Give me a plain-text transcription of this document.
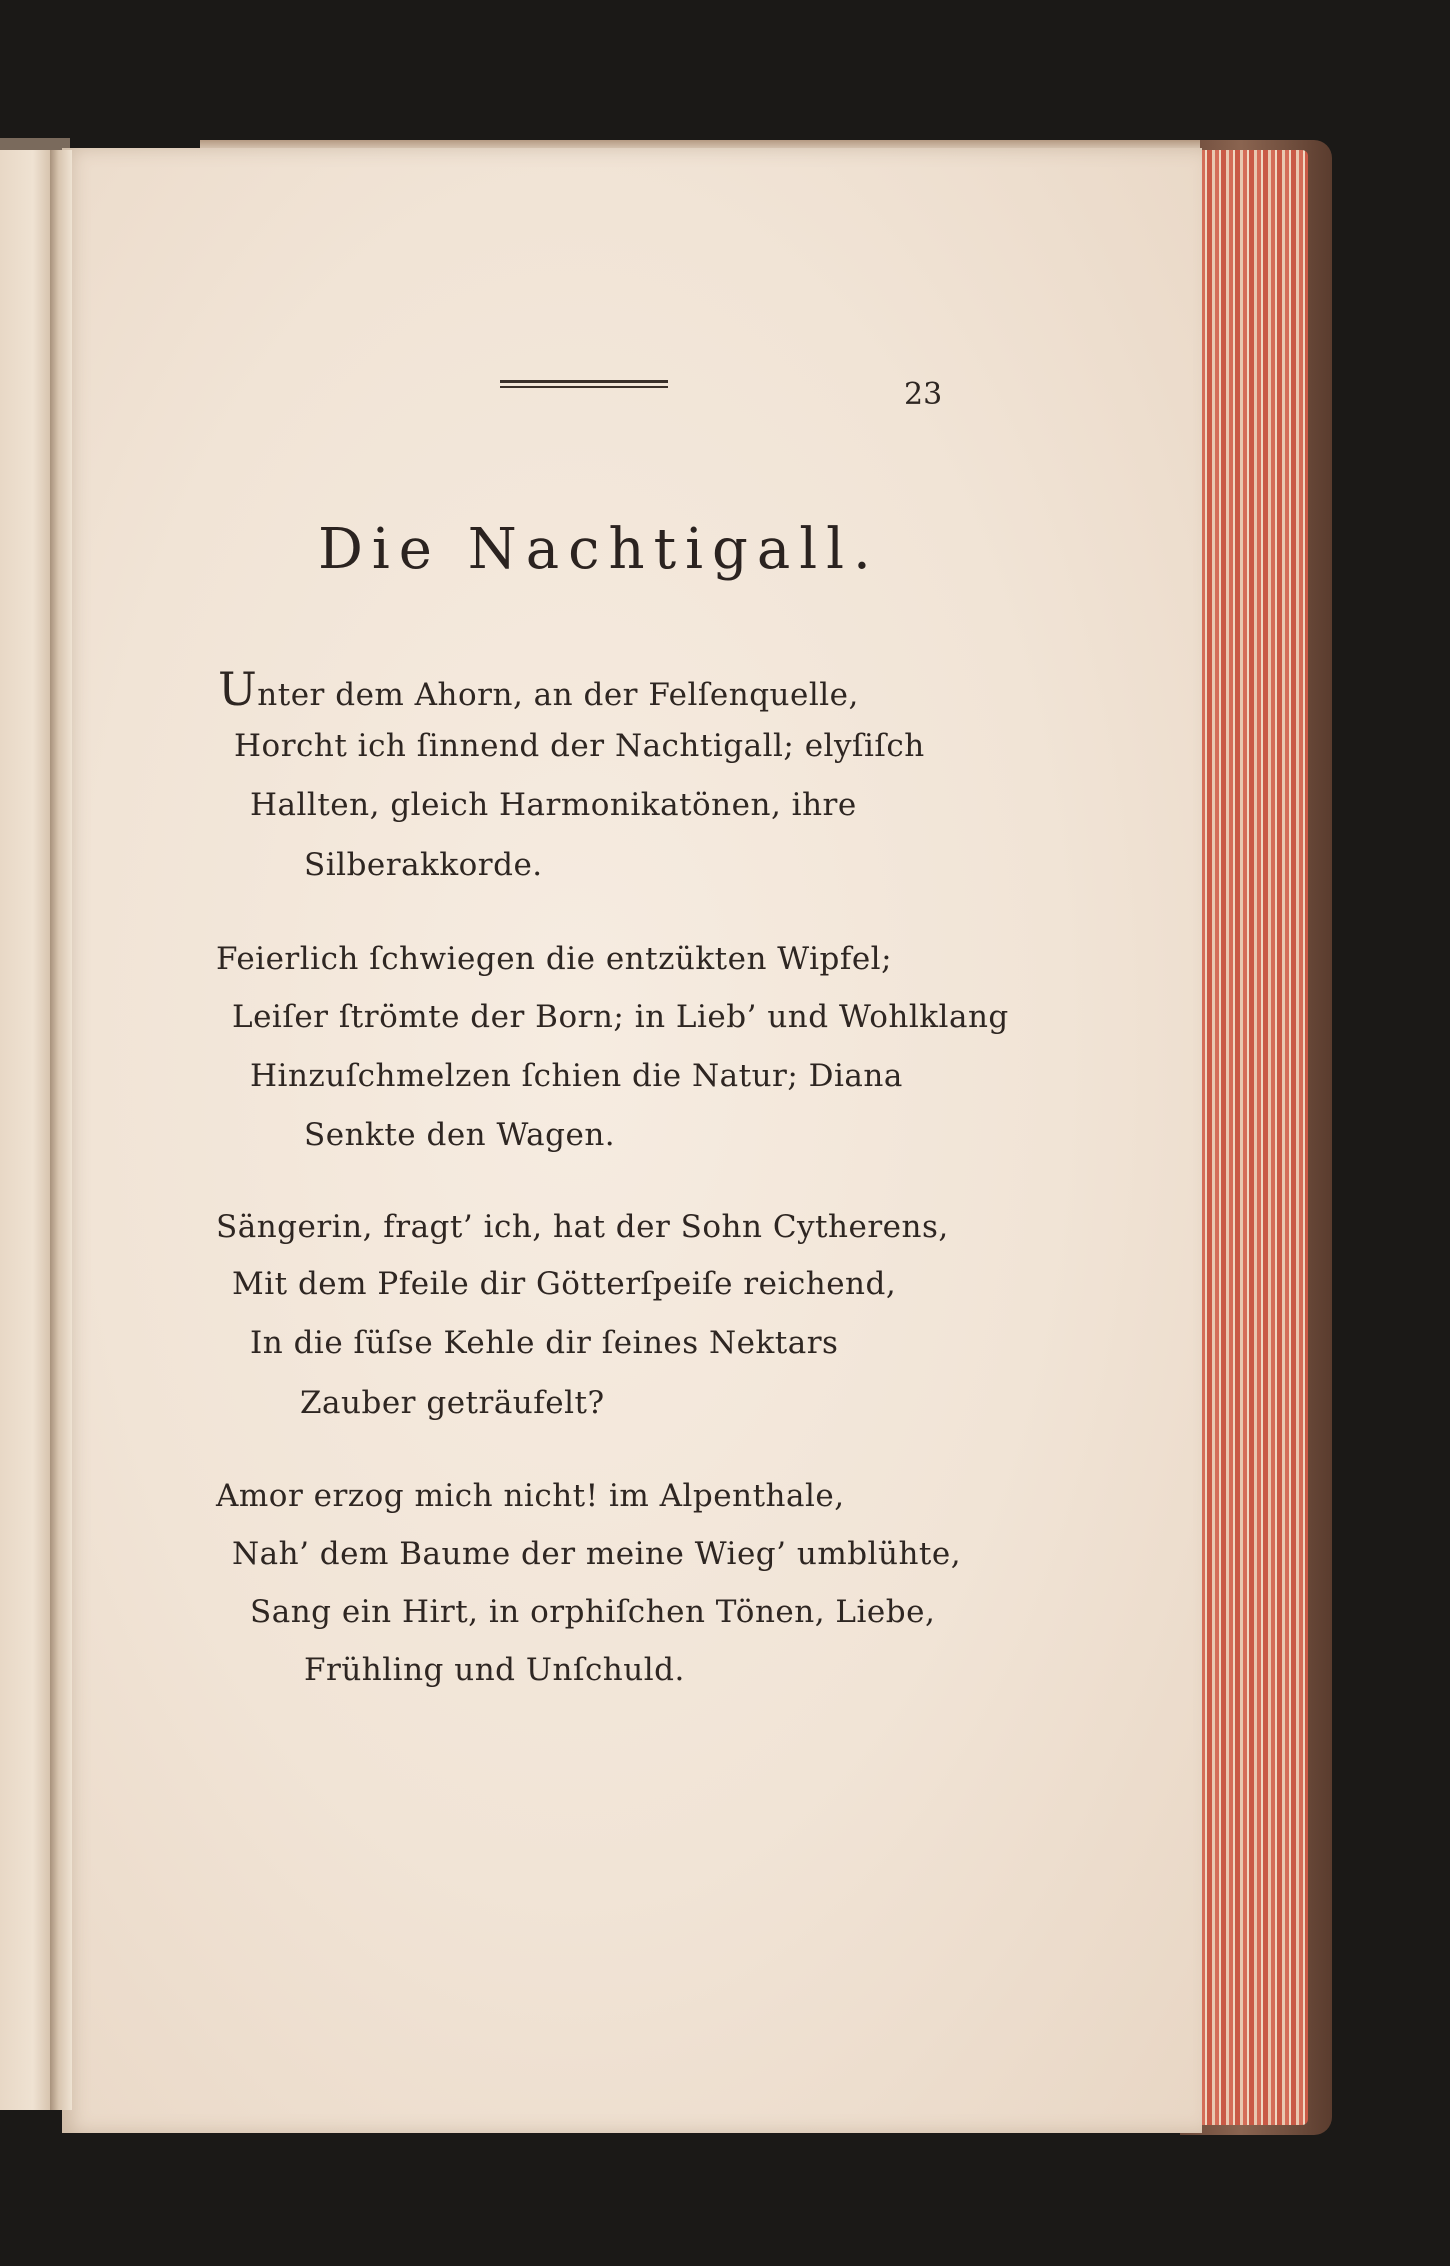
23
Die Nachtigall.
Unter dem Ahorn, an der Felſenquelle,
Horcht ich ſinnend der Nachtigall; elyſiſch
Hallten, gleich Harmonikatönen, ihre
Silberakkorde.
Feierlich ſchwiegen die entzükten Wipfel;
Leiſer ſtrömte der Born; in Lieb’ und Wohlklang
Hinzuſchmelzen ſchien die Natur; Diana
Senkte den Wagen.
Sängerin, fragt’ ich, hat der Sohn Cytherens,
Mit dem Pfeile dir Götterſpeiſe reichend,
In die ſüſse Kehle dir ſeines Nektars
Zauber geträufelt?
Amor erzog mich nicht! im Alpenthale,
Nah’ dem Baume der meine Wieg’ umblühte,
Sang ein Hirt, in orphiſchen Tönen, Liebe,
Frühling und Unſchuld.
